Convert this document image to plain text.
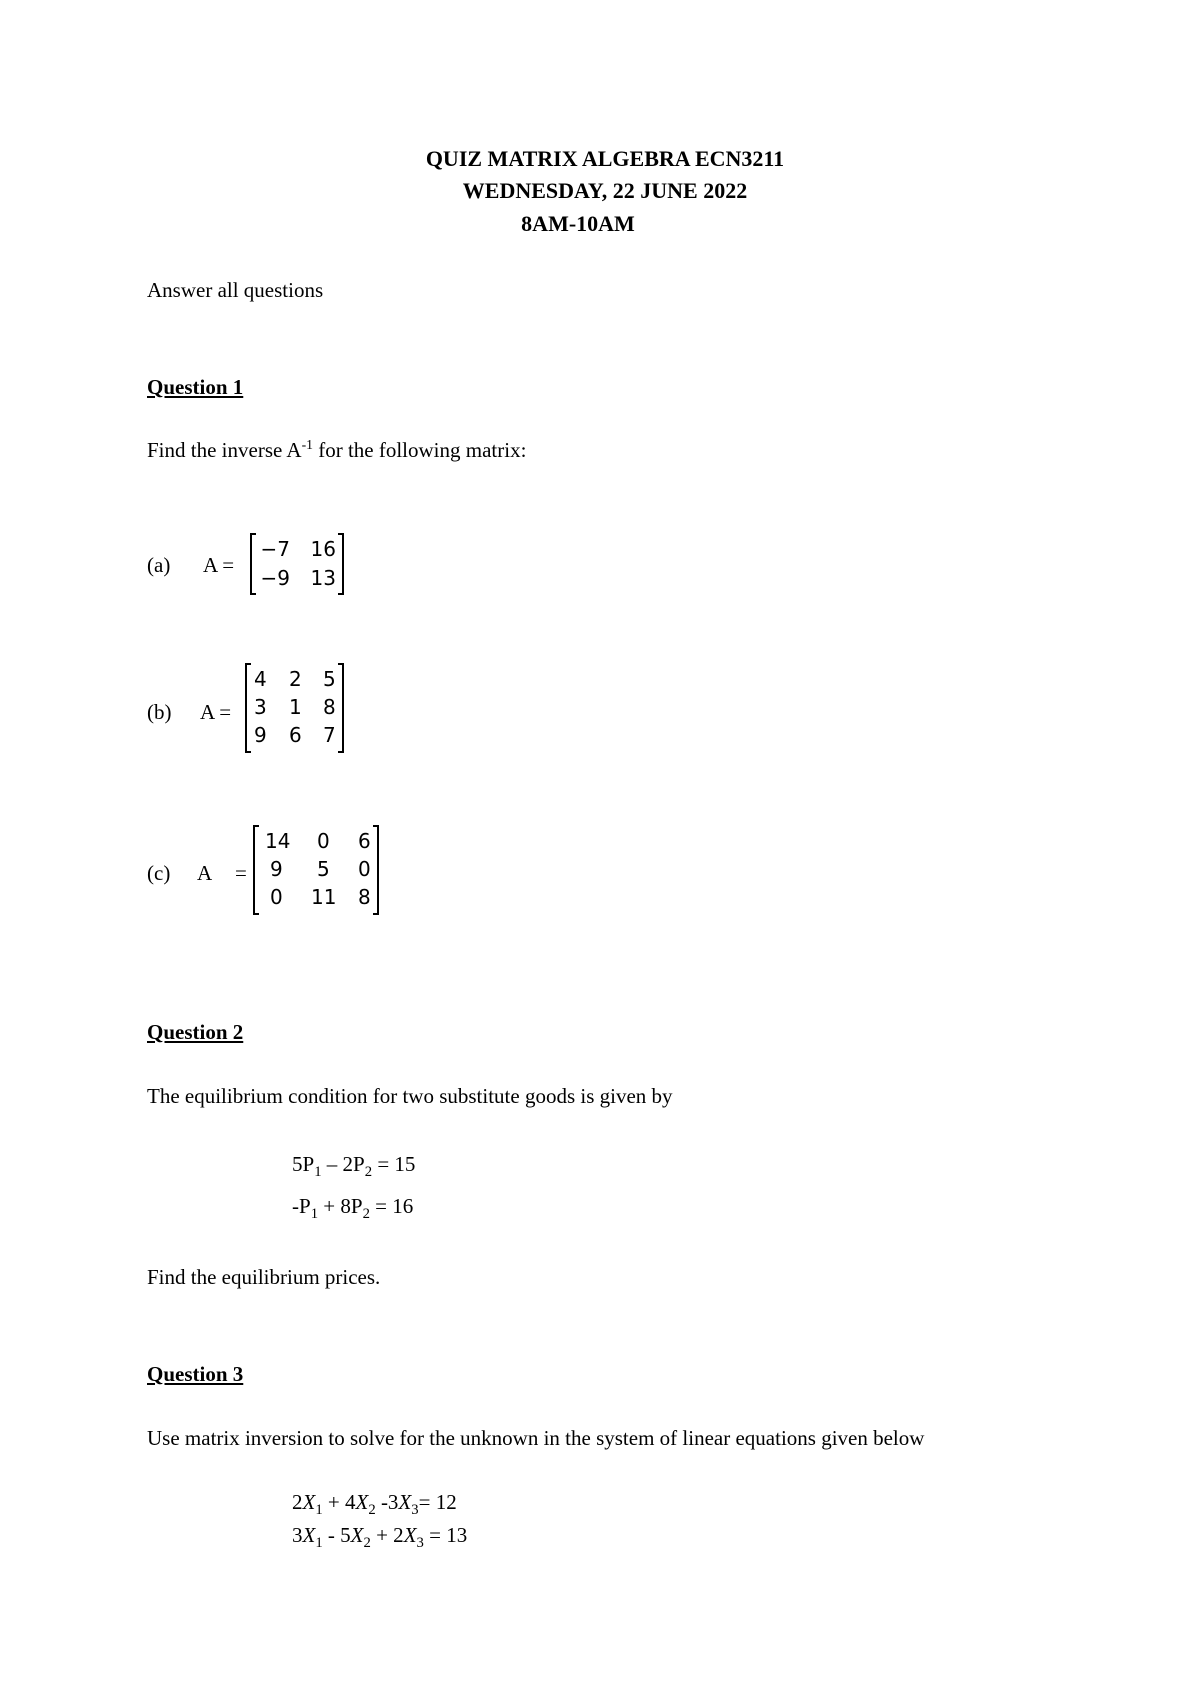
QUIZ MATRIX ALGEBRA ECN3211
WEDNESDAY, 22 JUNE 2022
8AM-10AM
Answer all questions
Question 1
Find the inverse $A^{-1}$ for the following matrix:
(a) A =
−7 16
−9 13
(b) A =
4 2 5
3 1 8
9 6 7
(c) A =
14 0 6
9 5 0
0 11 8
Question 2
The equilibrium condition for two substitute goods is given by
$5P_1 - 2P_2 = 15$
$-P_1 + 8P_2 = 16$
Find the equilibrium prices.
Question 3
Use matrix inversion to solve for the unknown in the system of linear equations given below
$2X_1 + 4X_2$ $-3X_3= 12$
$3X_1 - 5X_2 + 2X_3 = 13$
